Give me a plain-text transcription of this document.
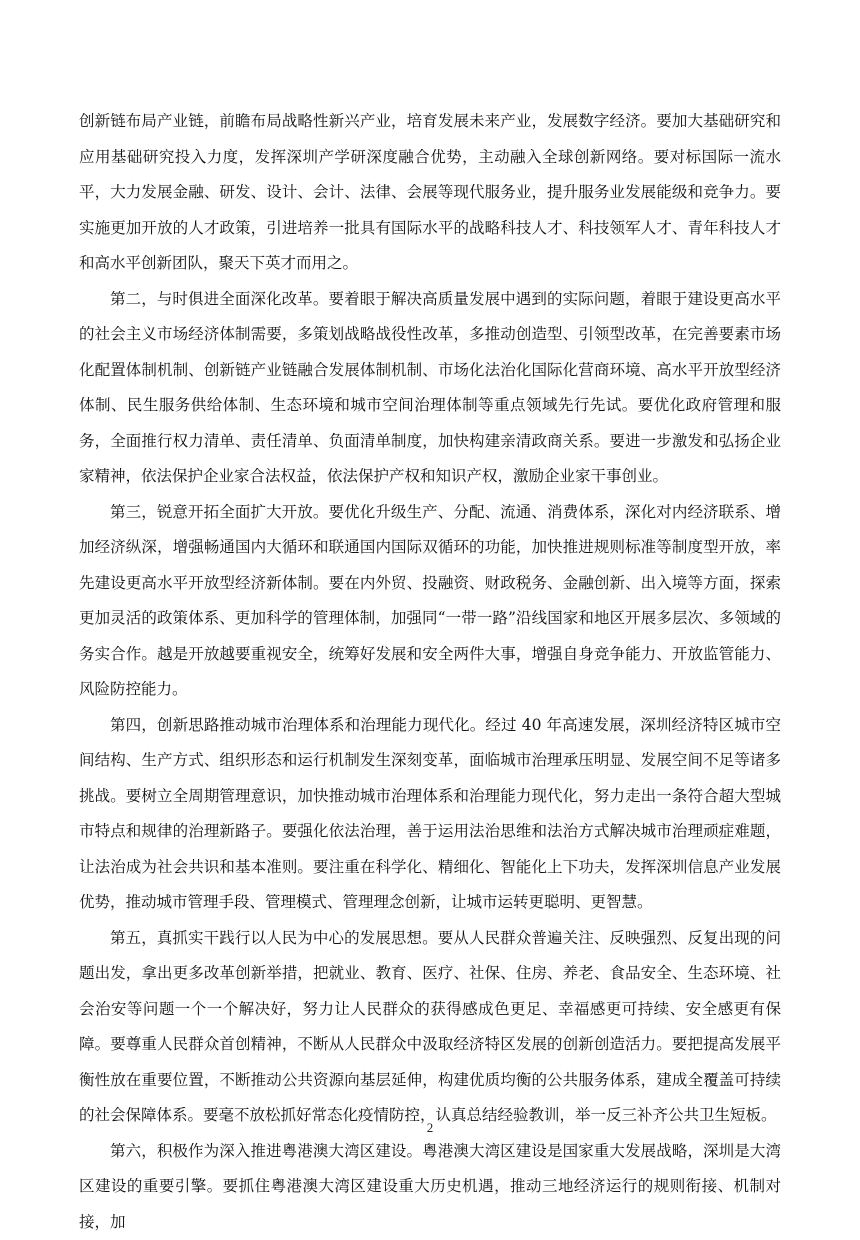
创新链布局产业链，前瞻布局战略性新兴产业，培育发展未来产业，发展数字经济。要加大基础研究和应用基础研究投入力度，发挥深圳产学研深度融合优势，主动融入全球创新网络。要对标国际一流水平，大力发展金融、研发、设计、会计、法律、会展等现代服务业，提升服务业发展能级和竞争力。要实施更加开放的人才政策，引进培养一批具有国际水平的战略科技人才、科技领军人才、青年科技人才和高水平创新团队，聚天下英才而用之。

第二，与时俱进全面深化改革。要着眼于解决高质量发展中遇到的实际问题，着眼于建设更高水平的社会主义市场经济体制需要，多策划战略战役性改革，多推动创造型、引领型改革，在完善要素市场化配置体制机制、创新链产业链融合发展体制机制、市场化法治化国际化营商环境、高水平开放型经济体制、民生服务供给体制、生态环境和城市空间治理体制等重点领域先行先试。要优化政府管理和服务，全面推行权力清单、责任清单、负面清单制度，加快构建亲清政商关系。要进一步激发和弘扬企业家精神，依法保护企业家合法权益，依法保护产权和知识产权，激励企业家干事创业。

第三，锐意开拓全面扩大开放。要优化升级生产、分配、流通、消费体系，深化对内经济联系、增加经济纵深，增强畅通国内大循环和联通国内国际双循环的功能，加快推进规则标准等制度型开放，率先建设更高水平开放型经济新体制。要在内外贸、投融资、财政税务、金融创新、出入境等方面，探索更加灵活的政策体系、更加科学的管理体制，加强同“一带一路”沿线国家和地区开展多层次、多领域的务实合作。越是开放越要重视安全，统筹好发展和安全两件大事，增强自身竞争能力、开放监管能力、风险防控能力。

第四，创新思路推动城市治理体系和治理能力现代化。经过 40 年高速发展，深圳经济特区城市空间结构、生产方式、组织形态和运行机制发生深刻变革，面临城市治理承压明显、发展空间不足等诸多挑战。要树立全周期管理意识，加快推动城市治理体系和治理能力现代化，努力走出一条符合超大型城市特点和规律的治理新路子。要强化依法治理，善于运用法治思维和法治方式解决城市治理顽症难题，让法治成为社会共识和基本准则。要注重在科学化、精细化、智能化上下功夫，发挥深圳信息产业发展优势，推动城市管理手段、管理模式、管理理念创新，让城市运转更聪明、更智慧。

第五，真抓实干践行以人民为中心的发展思想。要从人民群众普遍关注、反映强烈、反复出现的问题出发，拿出更多改革创新举措，把就业、教育、医疗、社保、住房、养老、食品安全、生态环境、社会治安等问题一个一个解决好，努力让人民群众的获得感成色更足、幸福感更可持续、安全感更有保障。要尊重人民群众首创精神，不断从人民群众中汲取经济特区发展的创新创造活力。要把提高发展平衡性放在重要位置，不断推动公共资源向基层延伸，构建优质均衡的公共服务体系，建成全覆盖可持续的社会保障体系。要毫不放松抓好常态化疫情防控，认真总结经验教训，举一反三补齐公共卫生短板。

第六，积极作为深入推进粤港澳大湾区建设。粤港澳大湾区建设是国家重大发展战略，深圳是大湾区建设的重要引擎。要抓住粤港澳大湾区建设重大历史机遇，推动三地经济运行的规则衔接、机制对接，加

2
